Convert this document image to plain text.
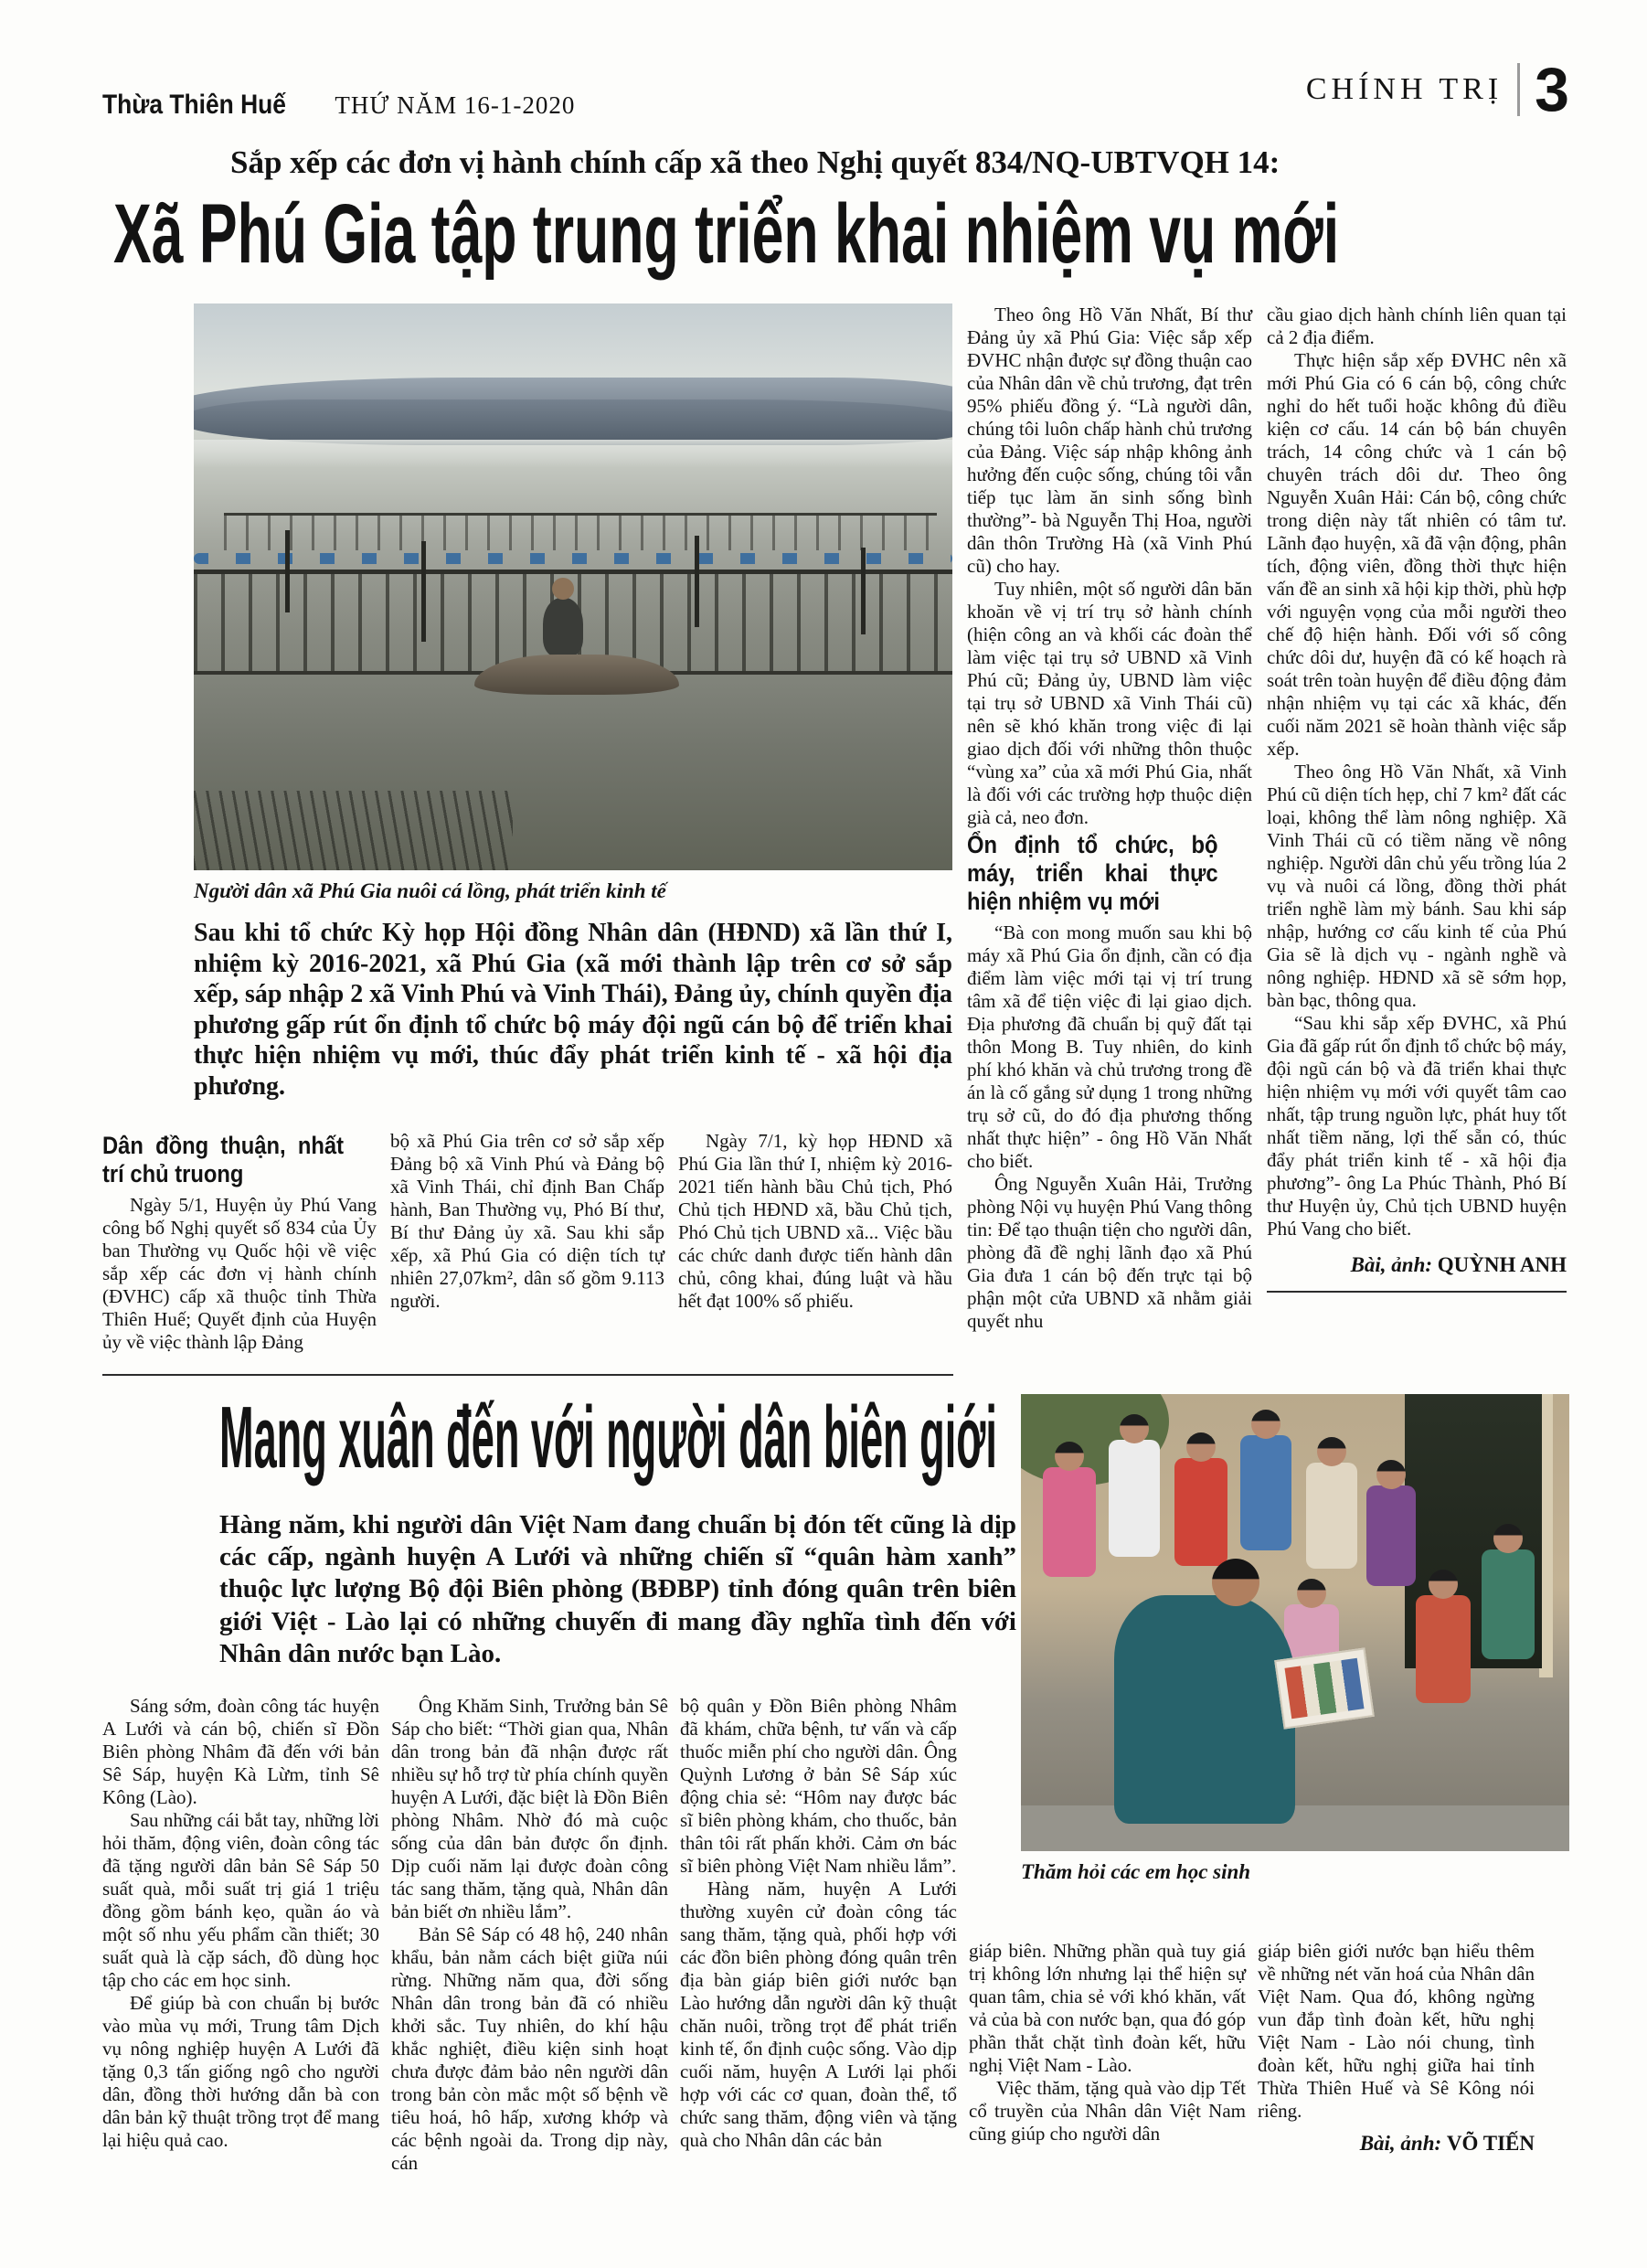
Thừa Thiên Huế THỨ NĂM 16-1-2020	CHÍNH TRỊ 3
Sắp xếp các đơn vị hành chính cấp xã theo Nghị quyết 834/NQ-UBTVQH 14:
Xã Phú Gia tập trung triển khai nhiệm vụ mới
Người dân xã Phú Gia nuôi cá lồng, phát triển kinh tế
Sau khi tổ chức Kỳ họp Hội đồng Nhân dân (HĐND) xã lần thứ I, nhiệm kỳ 2016-2021, xã Phú Gia (xã mới thành lập trên cơ sở sắp xếp, sáp nhập 2 xã Vinh Phú và Vinh Thái), Đảng ủy, chính quyền địa phương gấp rút ổn định tổ chức bộ máy đội ngũ cán bộ để triển khai thực hiện nhiệm vụ mới, thúc đẩy phát triển kinh tế - xã hội địa phương.
Dân đồng thuận, nhất trí chủ truong

Ngày 5/1, Huyện ủy Phú Vang công bố Nghị quyết số 834 của Ủy ban Thường vụ Quốc hội về việc sắp xếp các đơn vị hành chính (ĐVHC) cấp xã thuộc tỉnh Thừa Thiên Huế; Quyết định của Huyện ủy về việc thành lập Đảng

bộ xã Phú Gia trên cơ sở sắp xếp Đảng bộ xã Vinh Phú và Đảng bộ xã Vinh Thái, chỉ định Ban Chấp hành, Ban Thường vụ, Phó Bí thư, Bí thư Đảng ủy xã. Sau khi sắp xếp, xã Phú Gia có diện tích tự nhiên 27,07km², dân số gồm 9.113 người.

Ngày 7/1, kỳ họp HĐND xã Phú Gia lần thứ I, nhiệm kỳ 2016-2021 tiến hành bầu Chủ tịch, Phó Chủ tịch HĐND xã, bầu Chủ tịch, Phó Chủ tịch UBND xã... Việc bầu các chức danh được tiến hành dân chủ, công khai, đúng luật và hầu hết đạt 100% số phiếu.

Theo ông Hồ Văn Nhất, Bí thư Đảng ủy xã Phú Gia: Việc sắp xếp ĐVHC nhận được sự đồng thuận cao của Nhân dân về chủ trương, đạt trên 95% phiếu đồng ý. “Là người dân, chúng tôi luôn chấp hành chủ trương của Đảng. Việc sáp nhập không ảnh hưởng đến cuộc sống, chúng tôi vẫn tiếp tục làm ăn sinh sống bình thường”- bà Nguyễn Thị Hoa, người dân thôn Trường Hà (xã Vinh Phú cũ) cho hay.

Tuy nhiên, một số người dân băn khoăn về vị trí trụ sở hành chính (hiện công an và khối các đoàn thể làm việc tại trụ sở UBND xã Vinh Phú cũ; Đảng ủy, UBND làm việc tại trụ sở UBND xã Vinh Thái cũ) nên sẽ khó khăn trong việc đi lại giao dịch đối với những thôn thuộc “vùng xa” của xã mới Phú Gia, nhất là đối với các trường hợp thuộc diện già cả, neo đơn.

Ổn định tổ chức, bộ máy, triển khai thực hiện nhiệm vụ mới

“Bà con mong muốn sau khi bộ máy xã Phú Gia ổn định, cần có địa điểm làm việc mới tại vị trí trung tâm xã để tiện việc đi lại giao dịch. Địa phương đã chuẩn bị quỹ đất tại thôn Mong B. Tuy nhiên, do kinh phí khó khăn và chủ trương trong đề án là cố gắng sử dụng 1 trong những trụ sở cũ, do đó địa phương thống nhất thực hiện” - ông Hồ Văn Nhất cho biết.

Ông Nguyễn Xuân Hải, Trưởng phòng Nội vụ huyện Phú Vang thông tin: Để tạo thuận tiện cho người dân, phòng đã đề nghị lãnh đạo xã Phú Gia đưa 1 cán bộ đến trực tại bộ phận một cửa UBND xã nhằm giải quyết nhu

cầu giao dịch hành chính liên quan tại cả 2 địa điểm.

Thực hiện sắp xếp ĐVHC nên xã mới Phú Gia có 6 cán bộ, công chức nghỉ do hết tuổi hoặc không đủ điều kiện cơ cấu. 14 cán bộ bán chuyên trách, 14 công chức và 1 cán bộ chuyên trách dôi dư. Theo ông Nguyễn Xuân Hải: Cán bộ, công chức trong diện này tất nhiên có tâm tư. Lãnh đạo huyện, xã đã vận động, phân tích, động viên, đồng thời thực hiện vấn đề an sinh xã hội kịp thời, phù hợp với nguyện vọng của mỗi người theo chế độ hiện hành. Đối với số công chức dôi dư, huyện đã có kế hoạch rà soát trên toàn huyện để điều động đảm nhận nhiệm vụ tại các xã khác, đến cuối năm 2021 sẽ hoàn thành việc sắp xếp.

Theo ông Hồ Văn Nhất, xã Vinh Phú cũ diện tích hẹp, chỉ 7 km² đất các loại, không thể làm nông nghiệp. Xã Vinh Thái cũ có tiềm năng về nông nghiệp. Người dân chủ yếu trồng lúa 2 vụ và nuôi cá lồng, đồng thời phát triển nghề làm mỳ bánh. Sau khi sáp nhập, hướng cơ cấu kinh tế của Phú Gia sẽ là dịch vụ - ngành nghề và nông nghiệp. HĐND xã sẽ sớm họp, bàn bạc, thông qua.

“Sau khi sắp xếp ĐVHC, xã Phú Gia đã gấp rút ổn định tổ chức bộ máy, đội ngũ cán bộ và đã triển khai thực hiện nhiệm vụ mới với quyết tâm cao nhất, tập trung nguồn lực, phát huy tốt nhất tiềm năng, lợi thế sẵn có, thúc đẩy phát triển kinh tế - xã hội địa phương”- ông La Phúc Thành, Phó Bí thư Huyện ủy, Chủ tịch UBND huyện Phú Vang cho biết.

Bài, ảnh: QUỲNH ANH
Thăm hỏi các em học sinh
Mang xuân đến với người dân biên giới
Hàng năm, khi người dân Việt Nam đang chuẩn bị đón tết cũng là dịp các cấp, ngành huyện A Lưới và những chiến sĩ “quân hàm xanh” thuộc lực lượng Bộ đội Biên phòng (BĐBP) tỉnh đóng quân trên biên giới Việt - Lào lại có những chuyến đi mang đầy nghĩa tình đến với Nhân dân nước bạn Lào.

Sáng sớm, đoàn công tác huyện A Lưới và cán bộ, chiến sĩ Đồn Biên phòng Nhâm đã đến với bản Sê Sáp, huyện Kà Lừm, tỉnh Sê Kông (Lào).

Sau những cái bắt tay, những lời hỏi thăm, động viên, đoàn công tác đã tặng người dân bản Sê Sáp 50 suất quà, mỗi suất trị giá 1 triệu đồng gồm bánh kẹo, quần áo và một số nhu yếu phẩm cần thiết; 30 suất quà là cặp sách, đồ dùng học tập cho các em học sinh.

Để giúp bà con chuẩn bị bước vào mùa vụ mới, Trung tâm Dịch vụ nông nghiệp huyện A Lưới đã tặng 0,3 tấn giống ngô cho người dân, đồng thời hướng dẫn bà con dân bản kỹ thuật trồng trọt để mang lại hiệu quả cao.

Ông Khăm Sinh, Trưởng bản Sê Sáp cho biết: “Thời gian qua, Nhân dân trong bản đã nhận được rất nhiều sự hỗ trợ từ phía chính quyền huyện A Lưới, đặc biệt là Đồn Biên phòng Nhâm. Nhờ đó mà cuộc sống của dân bản được ổn định. Dịp cuối năm lại được đoàn công tác sang thăm, tặng quà, Nhân dân bản biết ơn nhiều lắm”.

Bản Sê Sáp có 48 hộ, 240 nhân khẩu, bản nằm cách biệt giữa núi rừng. Những năm qua, đời sống Nhân dân trong bản đã có nhiều khởi sắc. Tuy nhiên, do khí hậu khắc nghiệt, điều kiện sinh hoạt chưa được đảm bảo nên người dân trong bản còn mắc một số bệnh về tiêu hoá, hô hấp, xương khớp và các bệnh ngoài da. Trong dịp này, cán

bộ quân y Đồn Biên phòng Nhâm đã khám, chữa bệnh, tư vấn và cấp thuốc miễn phí cho người dân. Ông Quỳnh Lương ở bản Sê Sáp xúc động chia sẻ: “Hôm nay được bác sĩ biên phòng khám, cho thuốc, bản thân tôi rất phấn khởi. Cảm ơn bác sĩ biên phòng Việt Nam nhiều lắm”.

Hàng năm, huyện A Lưới thường xuyên cử đoàn công tác sang thăm, tặng quà, phối hợp với các đồn biên phòng đóng quân trên địa bàn giáp biên giới nước bạn Lào hướng dẫn người dân kỹ thuật chăn nuôi, trồng trọt để phát triển kinh tế, ổn định cuộc sống. Vào dịp cuối năm, huyện A Lưới lại phối hợp với các cơ quan, đoàn thể, tổ chức sang thăm, động viên và tặng quà cho Nhân dân các bản

giáp biên. Những phần quà tuy giá trị không lớn nhưng lại thể hiện sự quan tâm, chia sẻ với khó khăn, vất vả của bà con nước bạn, qua đó góp phần thắt chặt tình đoàn kết, hữu nghị Việt Nam - Lào.

Việc thăm, tặng quà vào dịp Tết cổ truyền của Nhân dân Việt Nam cũng giúp cho người dân

giáp biên giới nước bạn hiểu thêm về những nét văn hoá của Nhân dân Việt Nam. Qua đó, không ngừng vun đắp tình đoàn kết, hữu nghị Việt Nam - Lào nói chung, tình đoàn kết, hữu nghị giữa hai tỉnh Thừa Thiên Huế và Sê Kông nói riêng.

Bài, ảnh: VÕ TIẾN
